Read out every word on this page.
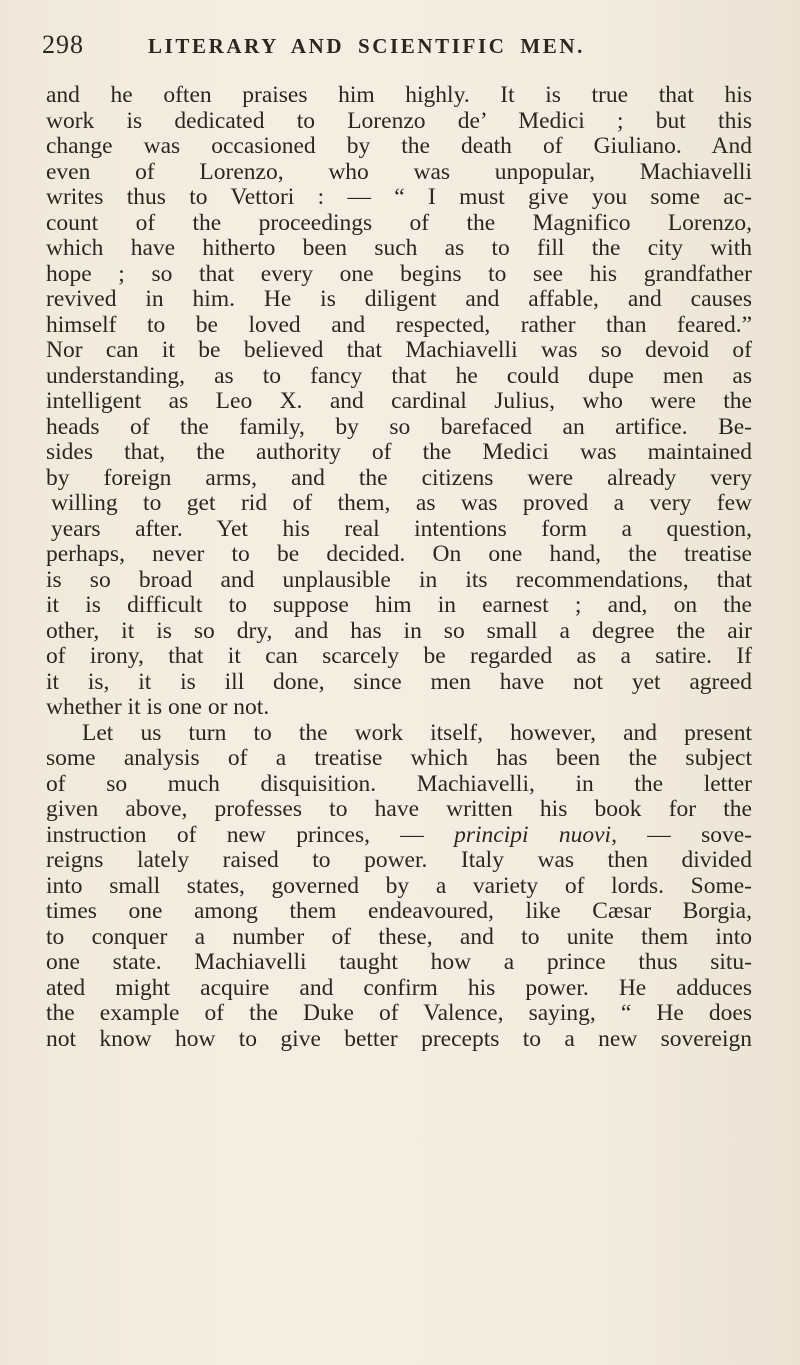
298	LITERARY AND SCIENTIFIC MEN.
and he often praises him highly. It is true that his
work is dedicated to Lorenzo de’ Medici ; but this
change was occasioned by the death of Giuliano. And
even of Lorenzo, who was unpopular, Machiavelli
writes thus to Vettori : — “ I must give you some ac-
count of the proceedings of the Magnifico Lorenzo,
which have hitherto been such as to fill the city with
hope ; so that every one begins to see his grandfather
revived in him. He is diligent and affable, and causes
himself to be loved and respected, rather than feared.”
Nor can it be believed that Machiavelli was so devoid of
understanding, as to fancy that he could dupe men as
intelligent as Leo X. and cardinal Julius, who were the
heads of the family, by so barefaced an artifice. Be-
sides that, the authority of the Medici was maintained
by foreign arms, and the citizens were already very
willing to get rid of them, as was proved a very few
years after. Yet his real intentions form a question,
perhaps, never to be decided. On one hand, the treatise
is so broad and unplausible in its recommendations, that
it is difficult to suppose him in earnest ; and, on the
other, it is so dry, and has in so small a degree the air
of irony, that it can scarcely be regarded as a satire. If
it is, it is ill done, since men have not yet agreed
whether it is one or not.
Let us turn to the work itself, however, and present
some analysis of a treatise which has been the subject
of so much disquisition. Machiavelli, in the letter
given above, professes to have written his book for the
instruction of new princes, — principi nuovi, — sove-
reigns lately raised to power. Italy was then divided
into small states, governed by a variety of lords. Some-
times one among them endeavoured, like Cæsar Borgia,
to conquer a number of these, and to unite them into
one state. Machiavelli taught how a prince thus situ-
ated might acquire and confirm his power. He adduces
the example of the Duke of Valence, saying, “ He does
not know how to give better precepts to a new sovereign
